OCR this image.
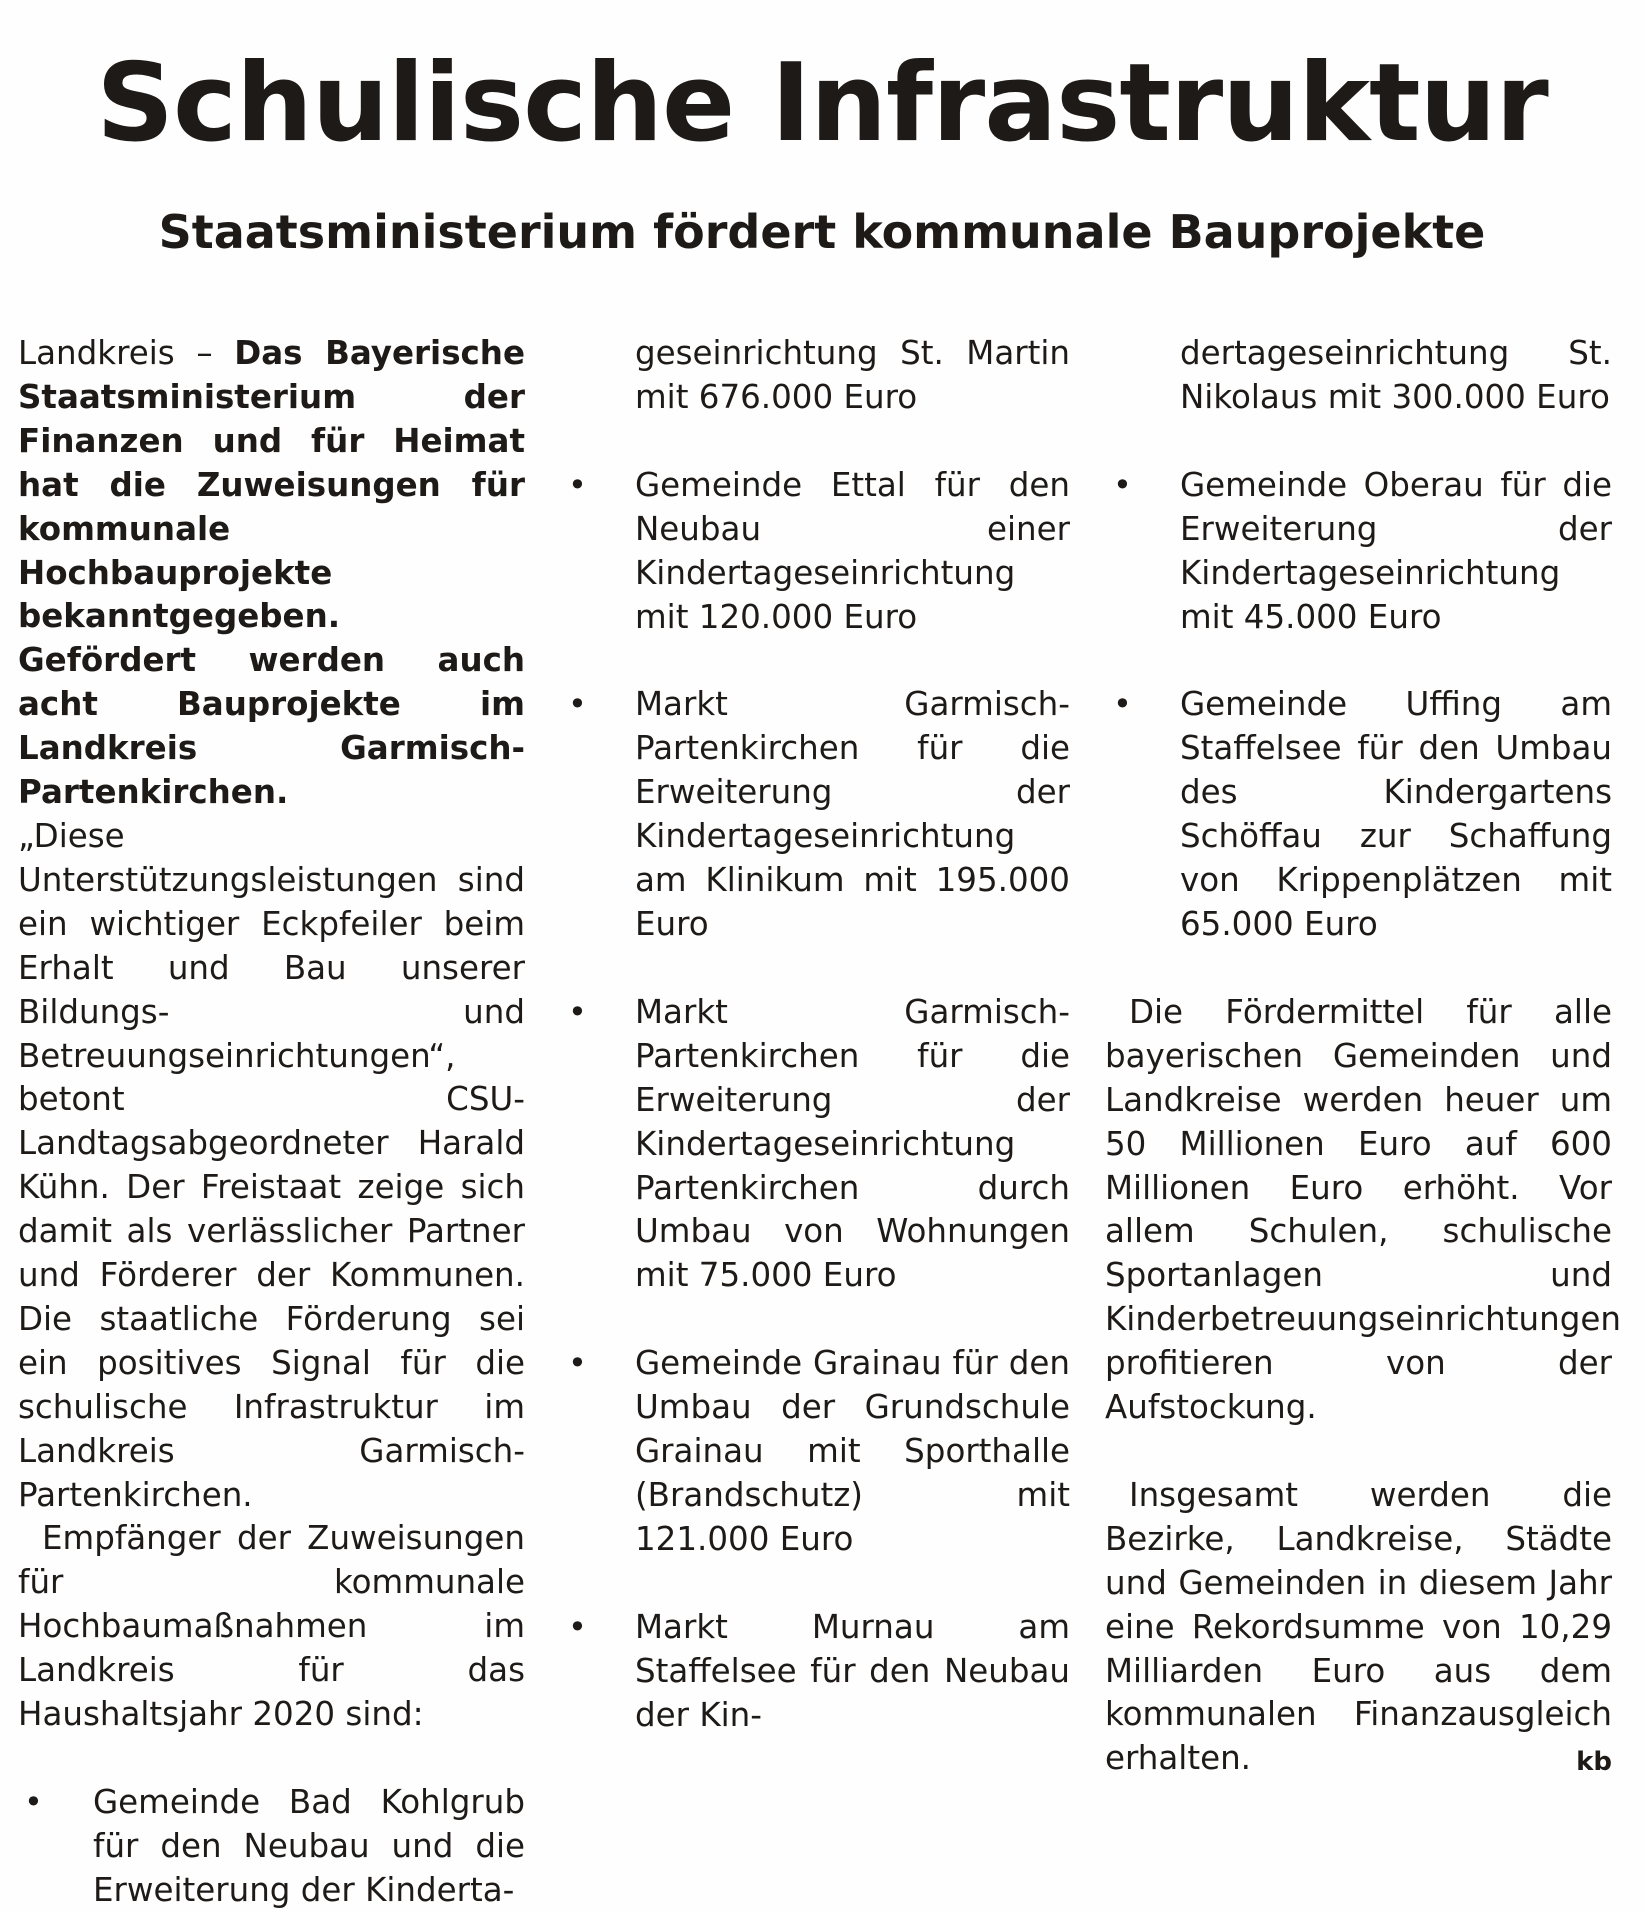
Schulische Infrastruktur
Staatsministerium fördert kommunale Bauprojekte

Landkreis – Das Bayerische Staatsministerium der Finanzen und für Heimat hat die Zuweisungen für kommunale Hochbauprojekte bekanntgegeben. Gefördert werden auch acht Bauprojekte im Landkreis Garmisch-Partenkirchen.

„Diese Unterstützungsleistungen sind ein wichtiger Eckpfeiler beim Erhalt und Bau unserer Bildungs- und Betreuungseinrichtungen“, betont CSU-Landtagsabgeordneter Harald Kühn. Der Freistaat zeige sich damit als verlässlicher Partner und Förderer der Kommunen. Die staatliche Förderung sei ein positives Signal für die schulische Infrastruktur im Landkreis Garmisch-Partenkirchen.

Empfänger der Zuweisungen für kommunale Hochbaumaßnahmen im Landkreis für das Haushaltsjahr 2020 sind:

• Gemeinde Bad Kohlgrub für den Neubau und die Erweiterung der Kinderta-

geseinrichtung St. Martin mit 676.000 Euro

• Gemeinde Ettal für den Neubau einer Kindertageseinrichtung mit 120.000 Euro

• Markt Garmisch-Partenkirchen für die Erweiterung der Kindertageseinrichtung am Klinikum mit 195.000 Euro

• Markt Garmisch-Partenkirchen für die Erweiterung der Kindertageseinrichtung Partenkirchen durch Umbau von Wohnungen mit 75.000 Euro

• Gemeinde Grainau für den Umbau der Grundschule Grainau mit Sporthalle (Brandschutz) mit 121.000 Euro

• Markt Murnau am Staffelsee für den Neubau der Kin-

dertageseinrichtung St. Nikolaus mit 300.000 Euro

• Gemeinde Oberau für die Erweiterung der Kindertageseinrichtung mit 45.000 Euro

• Gemeinde Uffing am Staffelsee für den Umbau des Kindergartens Schöffau zur Schaffung von Krippenplätzen mit 65.000 Euro

Die Fördermittel für alle bayerischen Gemeinden und Landkreise werden heuer um 50 Millionen Euro auf 600 Millionen Euro erhöht. Vor allem Schulen, schulische Sportanlagen und Kinderbetreuungseinrichtungen profitieren von der Aufstockung.

Insgesamt werden die Bezirke, Landkreise, Städte und Gemeinden in diesem Jahr eine Rekordsumme von 10,29 Milliarden Euro aus dem kommunalen Finanzausgleich erhalten.	kb
